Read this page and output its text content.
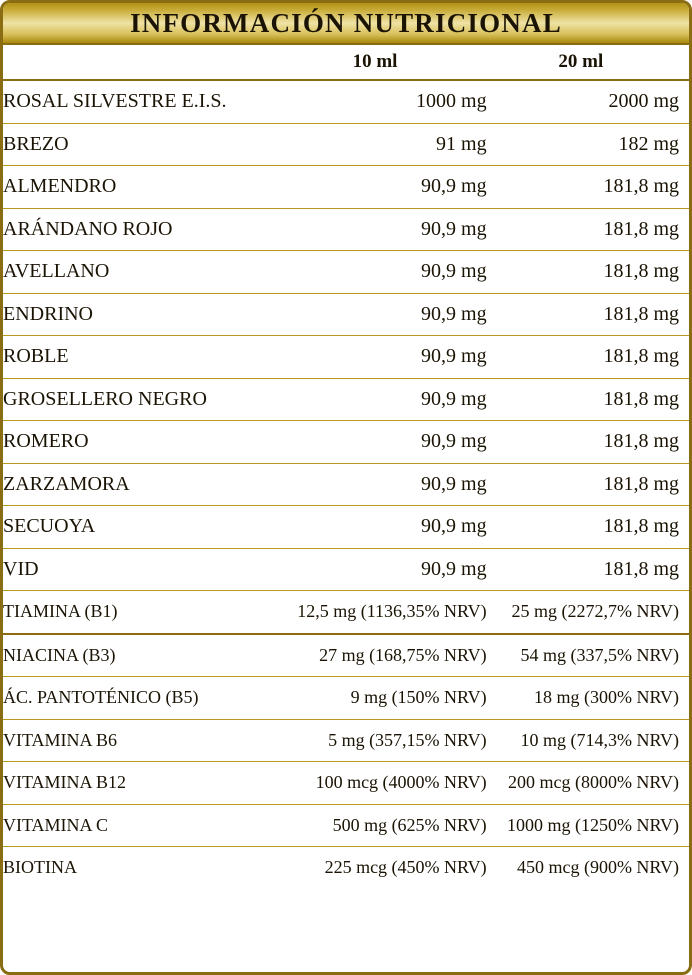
INFORMACIÓN NUTRICIONAL
	10 ml	20 ml
ROSAL SILVESTRE E.I.S.	1000 mg	2000 mg
BREZO	91 mg	182 mg
ALMENDRO	90,9 mg	181,8 mg
ARÁNDANO ROJO	90,9 mg	181,8 mg
AVELLANO	90,9 mg	181,8 mg
ENDRINO	90,9 mg	181,8 mg
ROBLE	90,9 mg	181,8 mg
GROSELLERO NEGRO	90,9 mg	181,8 mg
ROMERO	90,9 mg	181,8 mg
ZARZAMORA	90,9 mg	181,8 mg
SECUOYA	90,9 mg	181,8 mg
VID	90,9 mg	181,8 mg
TIAMINA (B1)	12,5 mg (1136,35% NRV)	25 mg (2272,7% NRV)
NIACINA (B3)	27 mg (168,75% NRV)	54 mg (337,5% NRV)
ÁC. PANTOTÉNICO (B5)	9 mg (150% NRV)	18 mg (300% NRV)
VITAMINA B6	5 mg (357,15% NRV)	10 mg (714,3% NRV)
VITAMINA B12	100 mcg (4000% NRV)	200 mcg (8000% NRV)
VITAMINA C	500 mg (625% NRV)	1000 mg (1250% NRV)
BIOTINA	225 mcg (450% NRV)	450 mcg (900% NRV)
